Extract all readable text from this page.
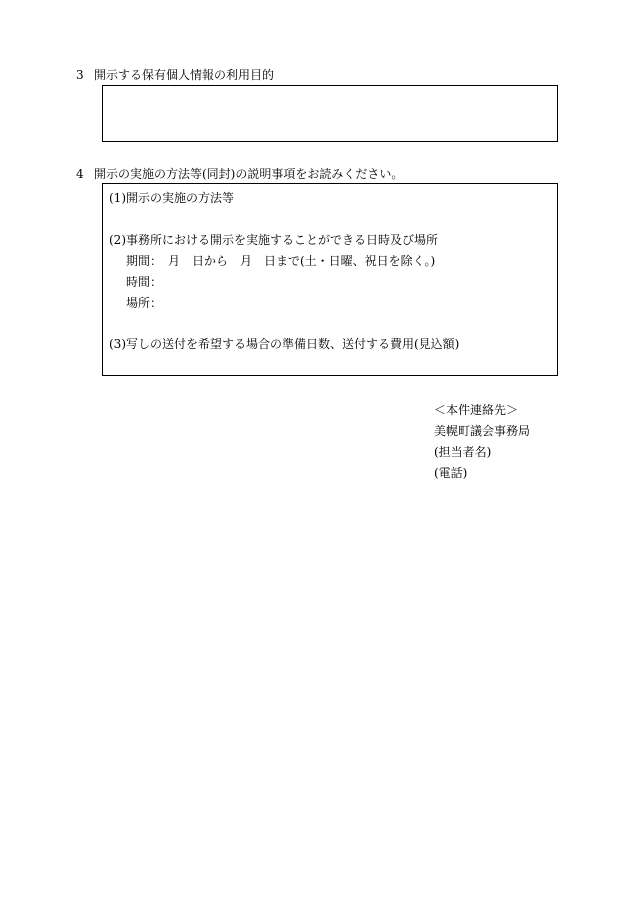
3 開示する保有個人情報の利用目的
4 開示の実施の方法等(同封)の説明事項をお読みください。
(1)開示の実施の方法等
(2)事務所における開示を実施することができる日時及び場所
期間：　月　日から　月　日まで(土・日曜、祝日を除く。)
時間：
場所：
(3)写しの送付を希望する場合の準備日数、送付する費用(見込額)
＜本件連絡先＞
美幌町議会事務局
(担当者名)
(電話)
